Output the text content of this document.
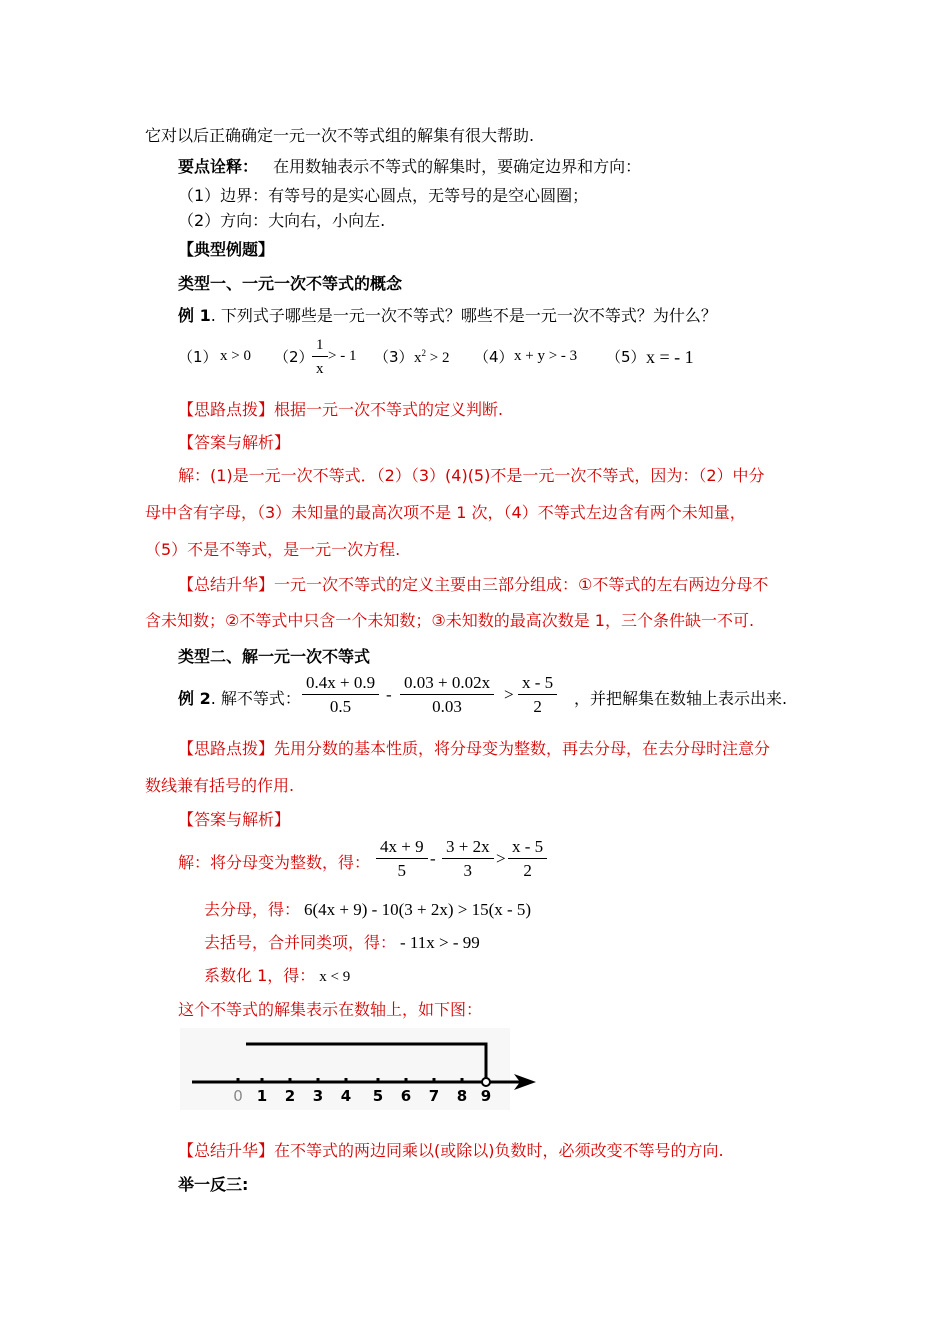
它对以后正确确定一元一次不等式组的解集有很大帮助.
要点诠释： 在用数轴表示不等式的解集时，要确定边界和方向：
（1）边界：有等号的是实心圆点，无等号的是空心圆圈；
（2）方向：大向右，小向左.
【典型例题】
类型一、一元一次不等式的概念
例 1. 下列式子哪些是一元一次不等式？哪些不是一元一次不等式？为什么？
（1） x > 0 （2）
$\frac{1}{x}$ > - 1 （3） $x^2 > 2$ （4） x + y > - 3 （5） x = - 1
【思路点拨】根据一元一次不等式的定义判断.
【答案与解析】
解：(1)是一元一次不等式．（2）（3）(4)(5)不是一元一次不等式，因为：（2）中分
母中含有字母，（3）未知量的最高次项不是 1 次，（4）不等式左边含有两个未知量，
（5）不是不等式，是一元一次方程.
【总结升华】一元一次不等式的定义主要由三部分组成：①不等式的左右两边分母不
含未知数；②不等式中只含一个未知数；③未知数的最高次数是 1，三个条件缺一不可.
类型二、解一元一次不等式
例 2. 解不等式： $\frac{0.4x + 0.9}{0.5} - \frac{0.03 + 0.02x}{0.03} > \frac{x - 5}{2}$ ，并把解集在数轴上表示出来.
【思路点拨】先用分数的基本性质，将分母变为整数，再去分母，在去分母时注意分
数线兼有括号的作用.
【答案与解析】
解：将分母变为整数，得： $\frac{4x + 9}{5} - \frac{3 + 2x}{3} > \frac{x - 5}{2}$
去分母，得： 6(4x + 9) - 10(3 + 2x) > 15(x - 5)
去括号，合并同类项，得： - 11x > - 99
系数化 1，得： x < 9
这个不等式的解集表示在数轴上，如下图：
0 1 2 3 4 5 6 7 8 9
【总结升华】在不等式的两边同乘以(或除以)负数时，必须改变不等号的方向.
举一反三:
